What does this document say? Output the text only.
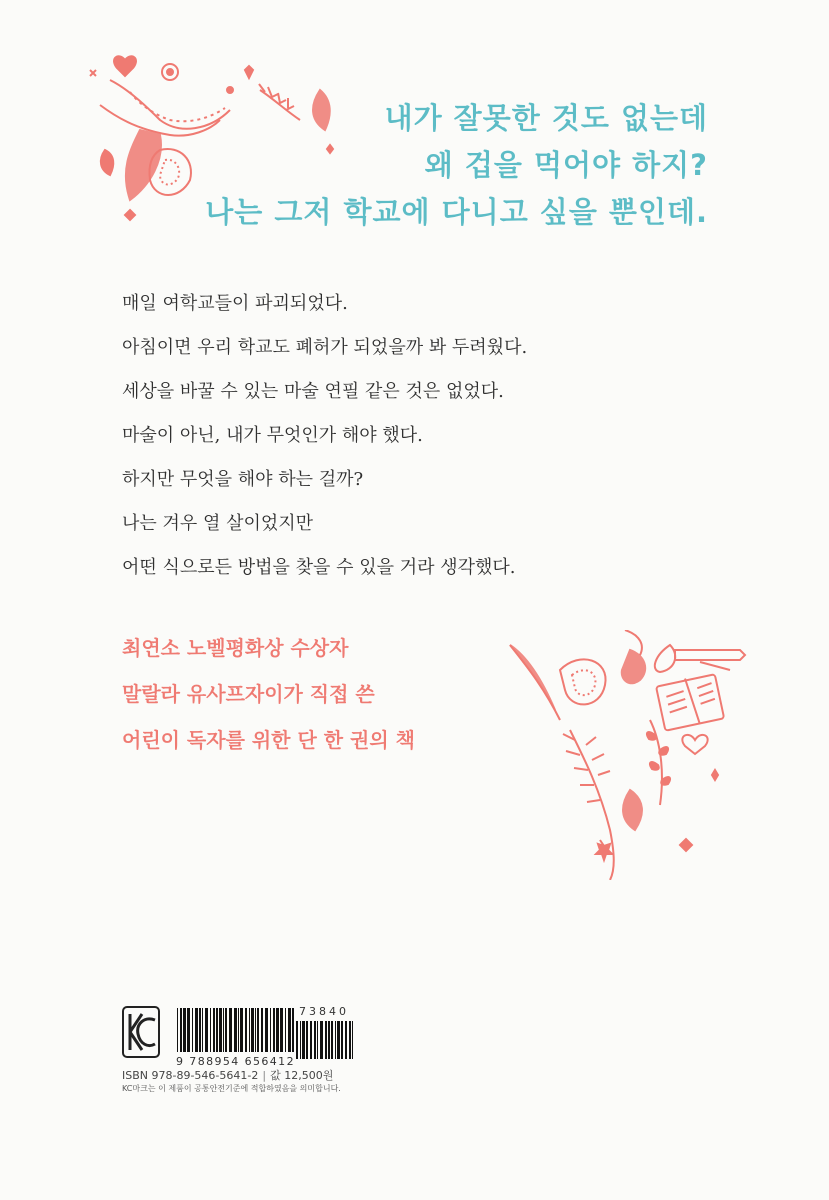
내가 잘못한 것도 없는데
왜 겁을 먹어야 하지?
나는 그저 학교에 다니고 싶을 뿐인데.
매일 여학교들이 파괴되었다.
아침이면 우리 학교도 폐허가 되었을까 봐 두려웠다.
세상을 바꿀 수 있는 마술 연필 같은 것은 없었다.
마술이 아닌, 내가 무엇인가 해야 했다.
하지만 무엇을 해야 하는 걸까?
나는 겨우 열 살이었지만
어떤 식으로든 방법을 찾을 수 있을 거라 생각했다.
최연소 노벨평화상 수상자
말랄라 유사프자이가 직접 쓴
어린이 독자를 위한 단 한 권의 책
9 788954 656412
73840
ISBN 978-89-546-5641-2 | 값 12,500원
KC마크는 이 제품이 공통안전기준에 적합하였음을 의미합니다.
